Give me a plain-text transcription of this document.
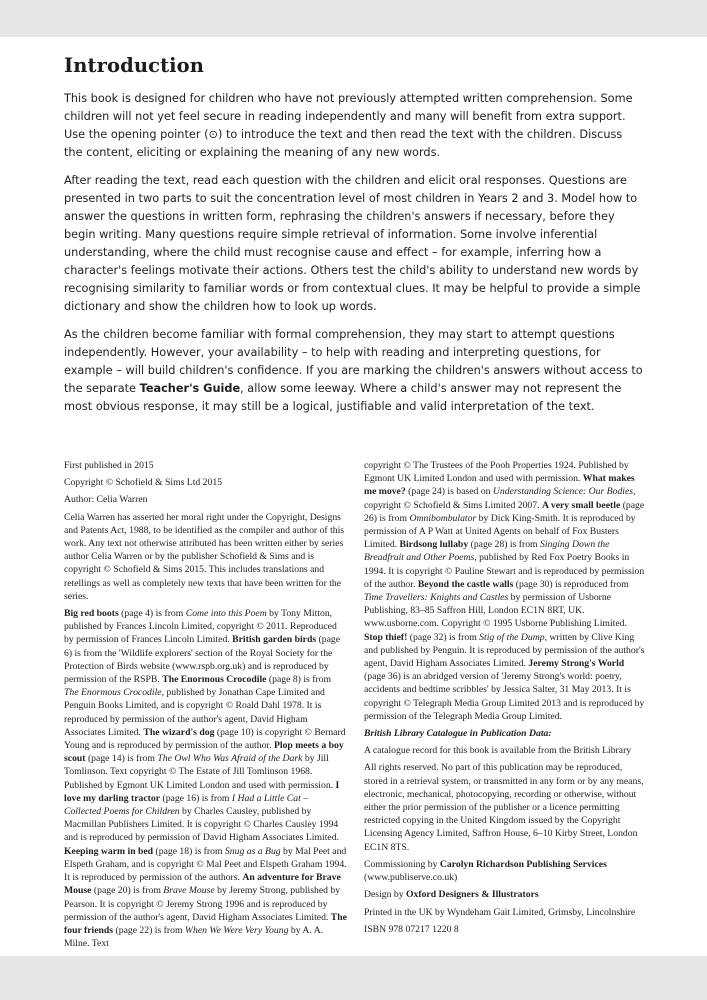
Introduction

This book is designed for children who have not previously attempted written comprehension. Some children will not yet feel secure in reading independently and many will benefit from extra support. Use the opening pointer (⊙) to introduce the text and then read the text with the children. Discuss the content, eliciting or explaining the meaning of any new words.

After reading the text, read each question with the children and elicit oral responses. Questions are presented in two parts to suit the concentration level of most children in Years 2 and 3. Model how to answer the questions in written form, rephrasing the children's answers if necessary, before they begin writing. Many questions require simple retrieval of information. Some involve inferential understanding, where the child must recognise cause and effect – for example, inferring how a character's feelings motivate their actions. Others test the child's ability to understand new words by recognising similarity to familiar words or from contextual clues. It may be helpful to provide a simple dictionary and show the children how to look up words.

As the children become familiar with formal comprehension, they may start to attempt questions independently. However, your availability – to help with reading and interpreting questions, for example – will build children's confidence. If you are marking the children's answers without access to the separate Teacher's Guide, allow some leeway. Where a child's answer may not represent the most obvious response, it may still be a logical, justifiable and valid interpretation of the text.

First published in 2015

Copyright © Schofield & Sims Ltd 2015

Author: Celia Warren

Celia Warren has asserted her moral right under the Copyright, Designs and Patents Act, 1988, to be identified as the compiler and author of this work. Any text not otherwise attributed has been written either by series author Celia Warren or by the publisher Schofield & Sims and is copyright © Schofield & Sims 2015. This includes translations and retellings as well as completely new texts that have been written for the series.

Big red boots (page 4) is from Come into this Poem by Tony Mitton, published by Frances Lincoln Limited, copyright © 2011. Reproduced by permission of Frances Lincoln Limited. British garden birds (page 6) is from the 'Wildlife explorers' section of the Royal Society for the Protection of Birds website (www.rspb.org.uk) and is reproduced by permission of the RSPB. The Enormous Crocodile (page 8) is from The Enormous Crocodile, published by Jonathan Cape Limited and Penguin Books Limited, and is copyright © Roald Dahl 1978. It is reproduced by permission of the author's agent, David Higham Associates Limited. The wizard's dog (page 10) is copyright © Bernard Young and is reproduced by permission of the author. Plop meets a boy scout (page 14) is from The Owl Who Was Afraid of the Dark by Jill Tomlinson. Text copyright © The Estate of Jill Tomlinson 1968. Published by Egmont UK Limited London and used with permission. I love my darling tractor (page 16) is from I Had a Little Cat – Collected Poems for Children by Charles Causley, published by Macmillan Publishers Limited. It is copyright © Charles Causley 1994 and is reproduced by permission of David Higham Associates Limited. Keeping warm in bed (page 18) is from Snug as a Bug by Mal Peet and Elspeth Graham, and is copyright © Mal Peet and Elspeth Graham 1994. It is reproduced by permission of the authors. An adventure for Brave Mouse (page 20) is from Brave Mouse by Jeremy Strong, published by Pearson. It is copyright © Jeremy Strong 1996 and is reproduced by permission of the author's agent, David Higham Associates Limited. The four friends (page 22) is from When We Were Very Young by A. A. Milne. Text

copyright © The Trustees of the Pooh Properties 1924. Published by Egmont UK Limited London and used with permission. What makes me move? (page 24) is based on Understanding Science: Our Bodies, copyright © Schofield & Sims Limited 2007. A very small beetle (page 26) is from Omnibombulator by Dick King-Smith. It is reproduced by permission of A P Watt at United Agents on behalf of Fox Busters Limited. Birdsong lullaby (page 28) is from Singing Down the Breadfruit and Other Poems, published by Red Fox Poetry Books in 1994. It is copyright © Pauline Stewart and is reproduced by permission of the author. Beyond the castle walls (page 30) is reproduced from Time Travellers: Knights and Castles by permission of Usborne Publishing, 83–85 Saffron Hill, London EC1N 8RT, UK. www.usborne.com. Copyright © 1995 Usborne Publishing Limited. Stop thief! (page 32) is from Stig of the Dump, written by Clive King and published by Penguin. It is reproduced by permission of the author's agent, David Higham Associates Limited. Jeremy Strong's World (page 36) is an abridged version of 'Jeremy Strong's world: poetry, accidents and bedtime scribbles' by Jessica Salter, 31 May 2013. It is copyright © Telegraph Media Group Limited 2013 and is reproduced by permission of the Telegraph Media Group Limited.

British Library Catalogue in Publication Data:

A catalogue record for this book is available from the British Library

All rights reserved. No part of this publication may be reproduced, stored in a retrieval system, or transmitted in any form or by any means, electronic, mechanical, photocopying, recording or otherwise, without either the prior permission of the publisher or a licence permitting restricted copying in the United Kingdom issued by the Copyright Licensing Agency Limited, Saffron House, 6–10 Kirby Street, London EC1N 8TS.

Commissioning by Carolyn Richardson Publishing Services
(www.publiserve.co.uk)

Design by Oxford Designers & Illustrators

Printed in the UK by Wyndeham Gait Limited, Grimsby, Lincolnshire

ISBN 978 07217 1220 8
